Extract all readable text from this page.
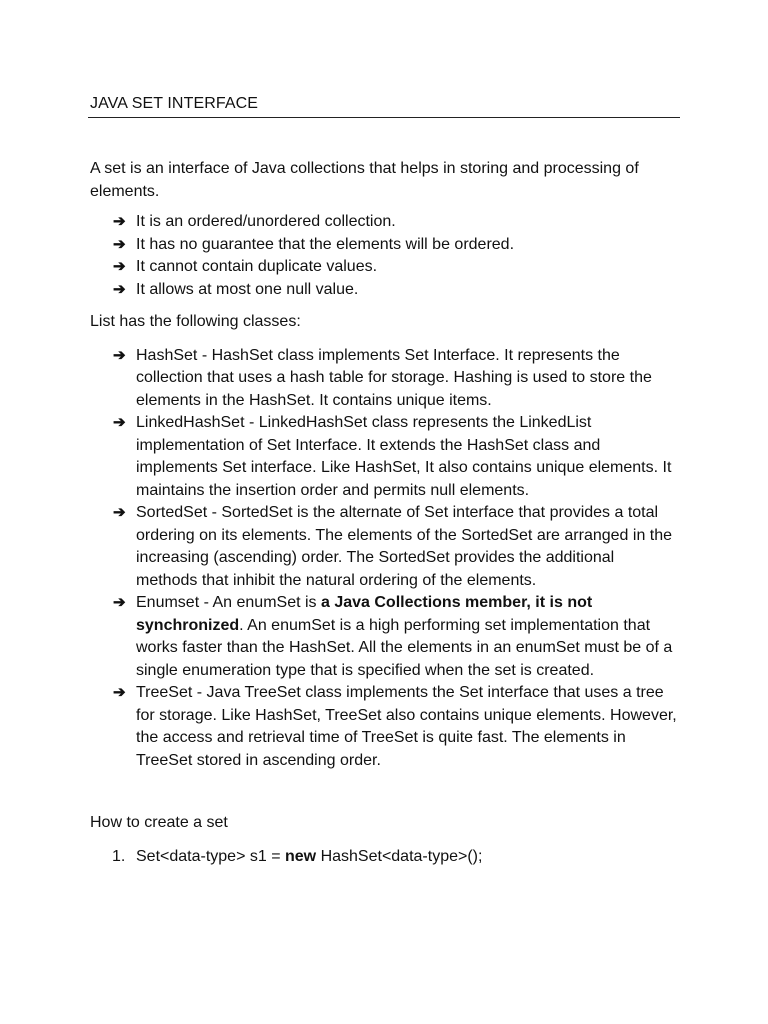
JAVA SET INTERFACE

A set is an interface of Java collections that helps in storing and processing of elements.

➔ It is an ordered/unordered collection.
➔ It has no guarantee that the elements will be ordered.
➔ It cannot contain duplicate values.
➔ It allows at most one null value.

List has the following classes:

➔ HashSet - HashSet class implements Set Interface. It represents the collection that uses a hash table for storage. Hashing is used to store the elements in the HashSet. It contains unique items.
➔ LinkedHashSet - LinkedHashSet class represents the LinkedList implementation of Set Interface. It extends the HashSet class and implements Set interface. Like HashSet, It also contains unique elements. It maintains the insertion order and permits null elements.
➔ SortedSet - SortedSet is the alternate of Set interface that provides a total ordering on its elements. The elements of the SortedSet are arranged in the increasing (ascending) order. The SortedSet provides the additional methods that inhibit the natural ordering of the elements.
➔ Enumset - An enumSet is a Java Collections member, it is not synchronized. An enumSet is a high performing set implementation that works faster than the HashSet. All the elements in an enumSet must be of a single enumeration type that is specified when the set is created.
➔ TreeSet - Java TreeSet class implements the Set interface that uses a tree for storage. Like HashSet, TreeSet also contains unique elements. However, the access and retrieval time of TreeSet is quite fast. The elements in TreeSet stored in ascending order.

How to create a set

1. Set<data-type> s1 = new HashSet<data-type>();
